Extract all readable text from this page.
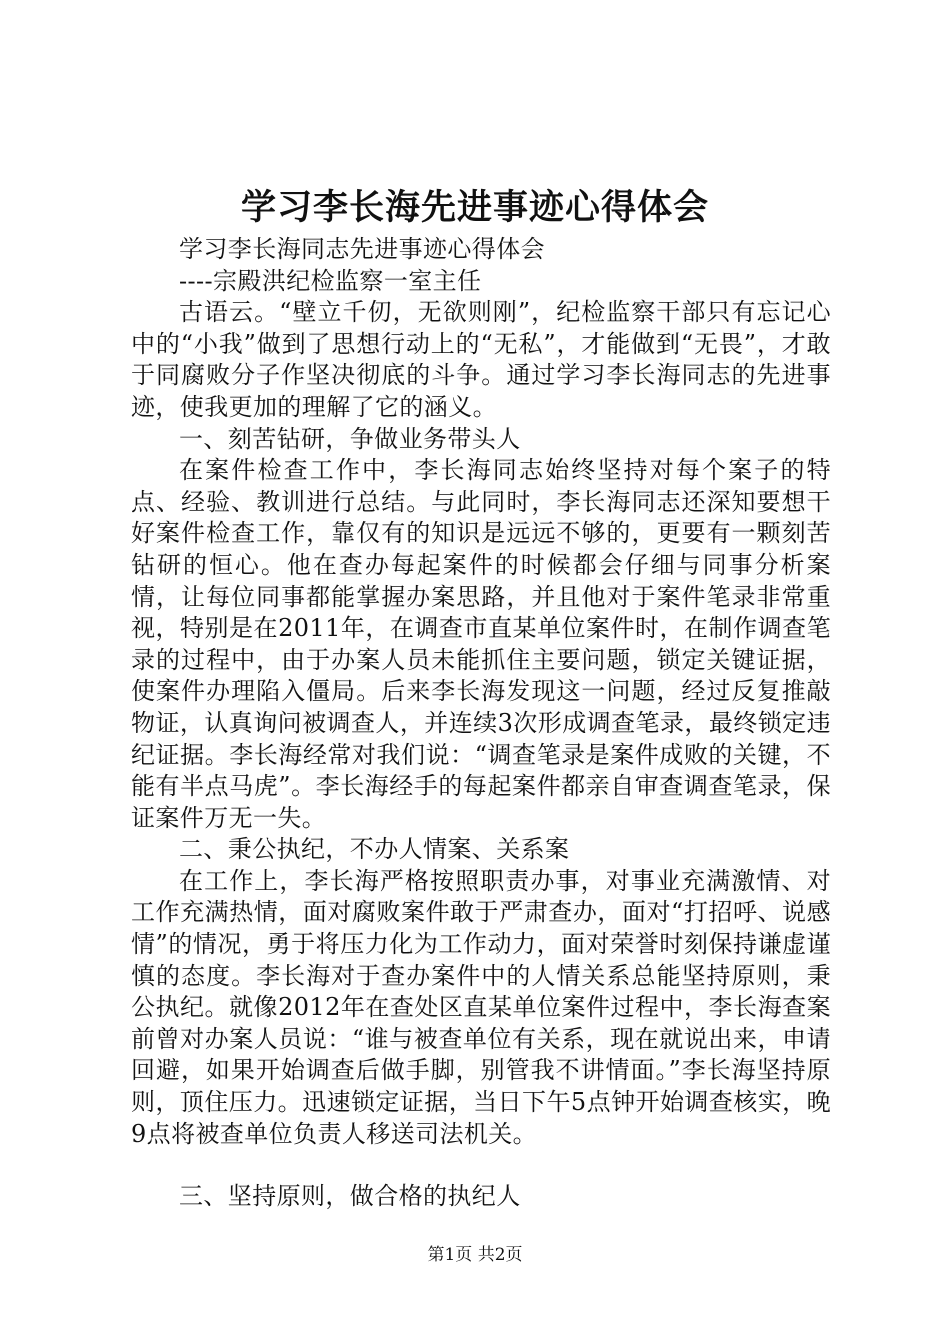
学习李长海先进事迹心得体会

学习李长海同志先进事迹心得体会

----宗殿洪纪检监察一室主任

古语云。“壁立千仞，无欲则刚”，纪检监察干部只有忘记心中的“小我”做到了思想行动上的“无私”，才能做到“无畏”，才敢于同腐败分子作坚决彻底的斗争。通过学习李长海同志的先进事迹，使我更加的理解了它的涵义。

一、刻苦钻研，争做业务带头人

在案件检查工作中，李长海同志始终坚持对每个案子的特点、经验、教训进行总结。与此同时，李长海同志还深知要想干好案件检查工作，靠仅有的知识是远远不够的，更要有一颗刻苦钻研的恒心。他在查办每起案件的时候都会仔细与同事分析案情，让每位同事都能掌握办案思路，并且他对于案件笔录非常重视，特别是在2011年，在调查市直某单位案件时，在制作调查笔录的过程中，由于办案人员未能抓住主要问题，锁定关键证据，使案件办理陷入僵局。后来李长海发现这一问题，经过反复推敲物证，认真询问被调查人，并连续3次形成调查笔录，最终锁定违纪证据。李长海经常对我们说：“调查笔录是案件成败的关键，不能有半点马虎”。李长海经手的每起案件都亲自审查调查笔录，保证案件万无一失。

二、秉公执纪，不办人情案、关系案

在工作上，李长海严格按照职责办事，对事业充满激情、对工作充满热情，面对腐败案件敢于严肃查办，面对“打招呼、说感情”的情况，勇于将压力化为工作动力，面对荣誉时刻保持谦虚谨慎的态度。李长海对于查办案件中的人情关系总能坚持原则，秉公执纪。就像2012年在查处区直某单位案件过程中，李长海查案前曾对办案人员说：“谁与被查单位有关系，现在就说出来，申请回避，如果开始调查后做手脚，别管我不讲情面。”李长海坚持原则，顶住压力。迅速锁定证据，当日下午5点钟开始调查核实，晚9点将被查单位负责人移送司法机关。

三、坚持原则，做合格的执纪人

第1页 共2页
